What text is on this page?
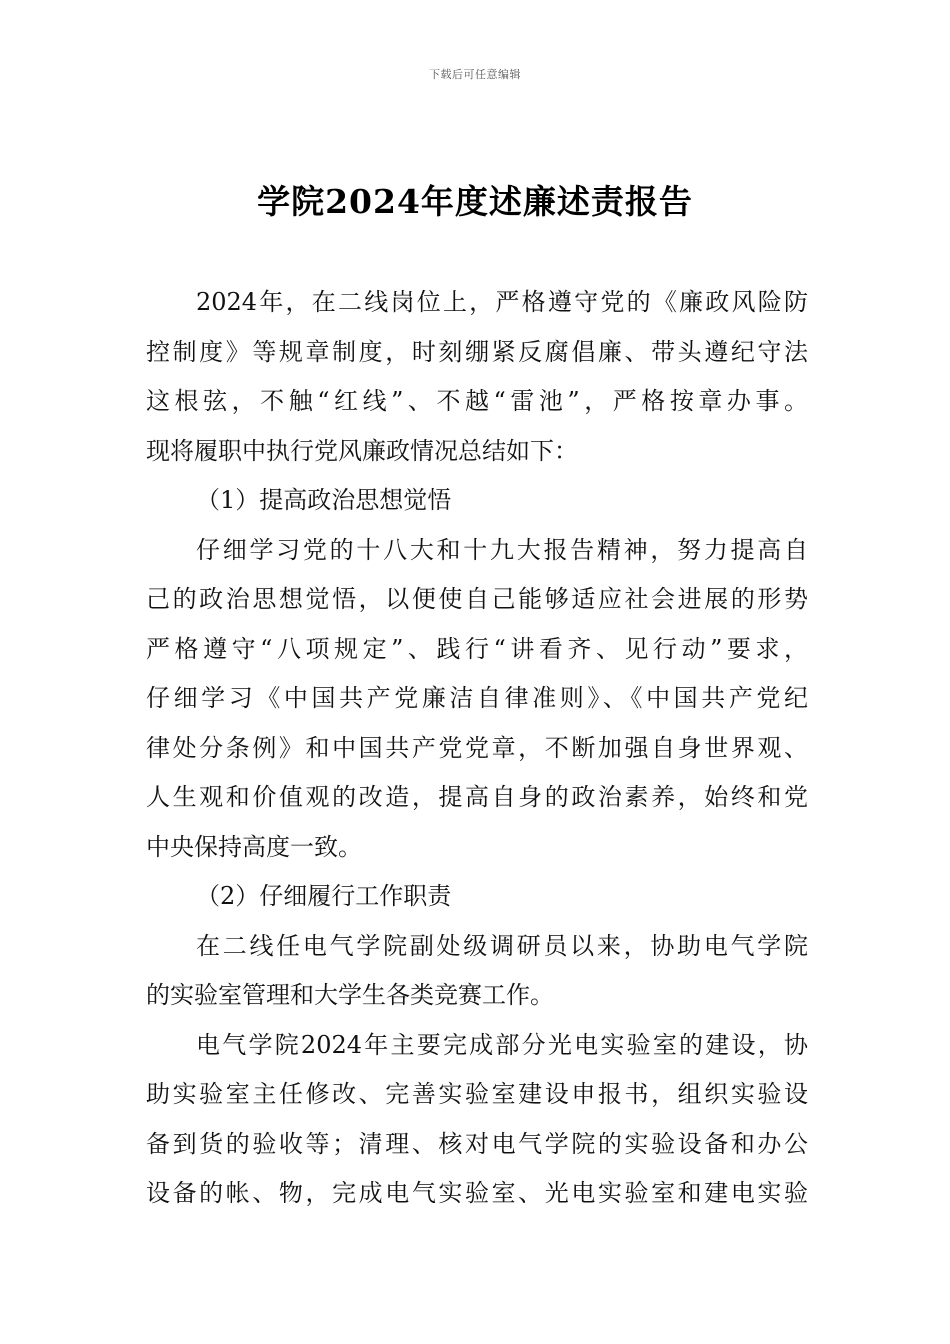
下载后可任意编辑
学院2024年度述廉述责报告
2024年，在二线岗位上，严格遵守党的《廉政风险防
控制度》等规章制度，时刻绷紧反腐倡廉、带头遵纪守法
这根弦，不触“红线”、不越“雷池”，严格按章办事。
现将履职中执行党风廉政情况总结如下：
（1）提高政治思想觉悟
仔细学习党的十八大和十九大报告精神，努力提高自
己的政治思想觉悟，以便使自己能够适应社会进展的形势
严格遵守“八项规定”、践行“讲看齐、见行动”要求，
仔细学习《中国共产党廉洁自律准则》、《中国共产党纪
律处分条例》和中国共产党党章，不断加强自身世界观、
人生观和价值观的改造，提高自身的政治素养，始终和党
中央保持高度一致。
（2）仔细履行工作职责
在二线任电气学院副处级调研员以来，协助电气学院
的实验室管理和大学生各类竞赛工作。
电气学院2024年主要完成部分光电实验室的建设，协
助实验室主任修改、完善实验室建设申报书，组织实验设
备到货的验收等；清理、核对电气学院的实验设备和办公
设备的帐、物，完成电气实验室、光电实验室和建电实验
